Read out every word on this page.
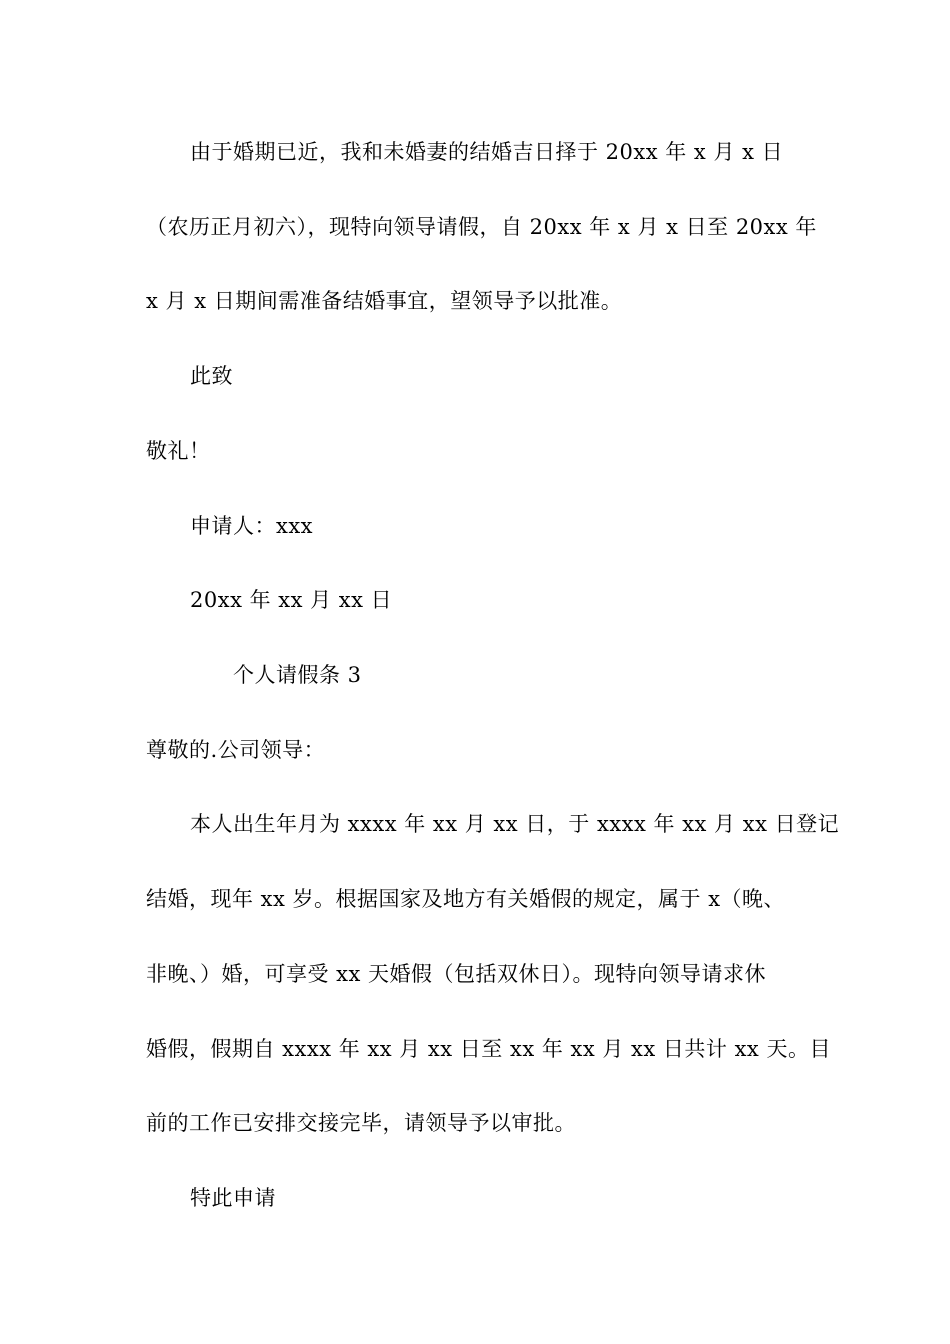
由于婚期已近，我和未婚妻的结婚吉日择于 20xx 年 x 月 x 日
（农历正月初六），现特向领导请假，自 20xx 年 x 月 x 日至 20xx 年
x 月 x 日期间需准备结婚事宜，望领导予以批准。
此致
敬礼！
申请人：xxx
20xx 年 xx 月 xx 日
个人请假条 3
尊敬的.公司领导：
本人出生年月为 xxxx 年 xx 月 xx 日，于 xxxx 年 xx 月 xx 日登记
结婚，现年 xx 岁。根据国家及地方有关婚假的规定，属于 x（晚、
非晚、）婚，可享受 xx 天婚假（包括双休日）。现特向领导请求休
婚假，假期自 xxxx 年 xx 月 xx 日至 xx 年 xx 月 xx 日共计 xx 天。目
前的工作已安排交接完毕，请领导予以审批。
特此申请
